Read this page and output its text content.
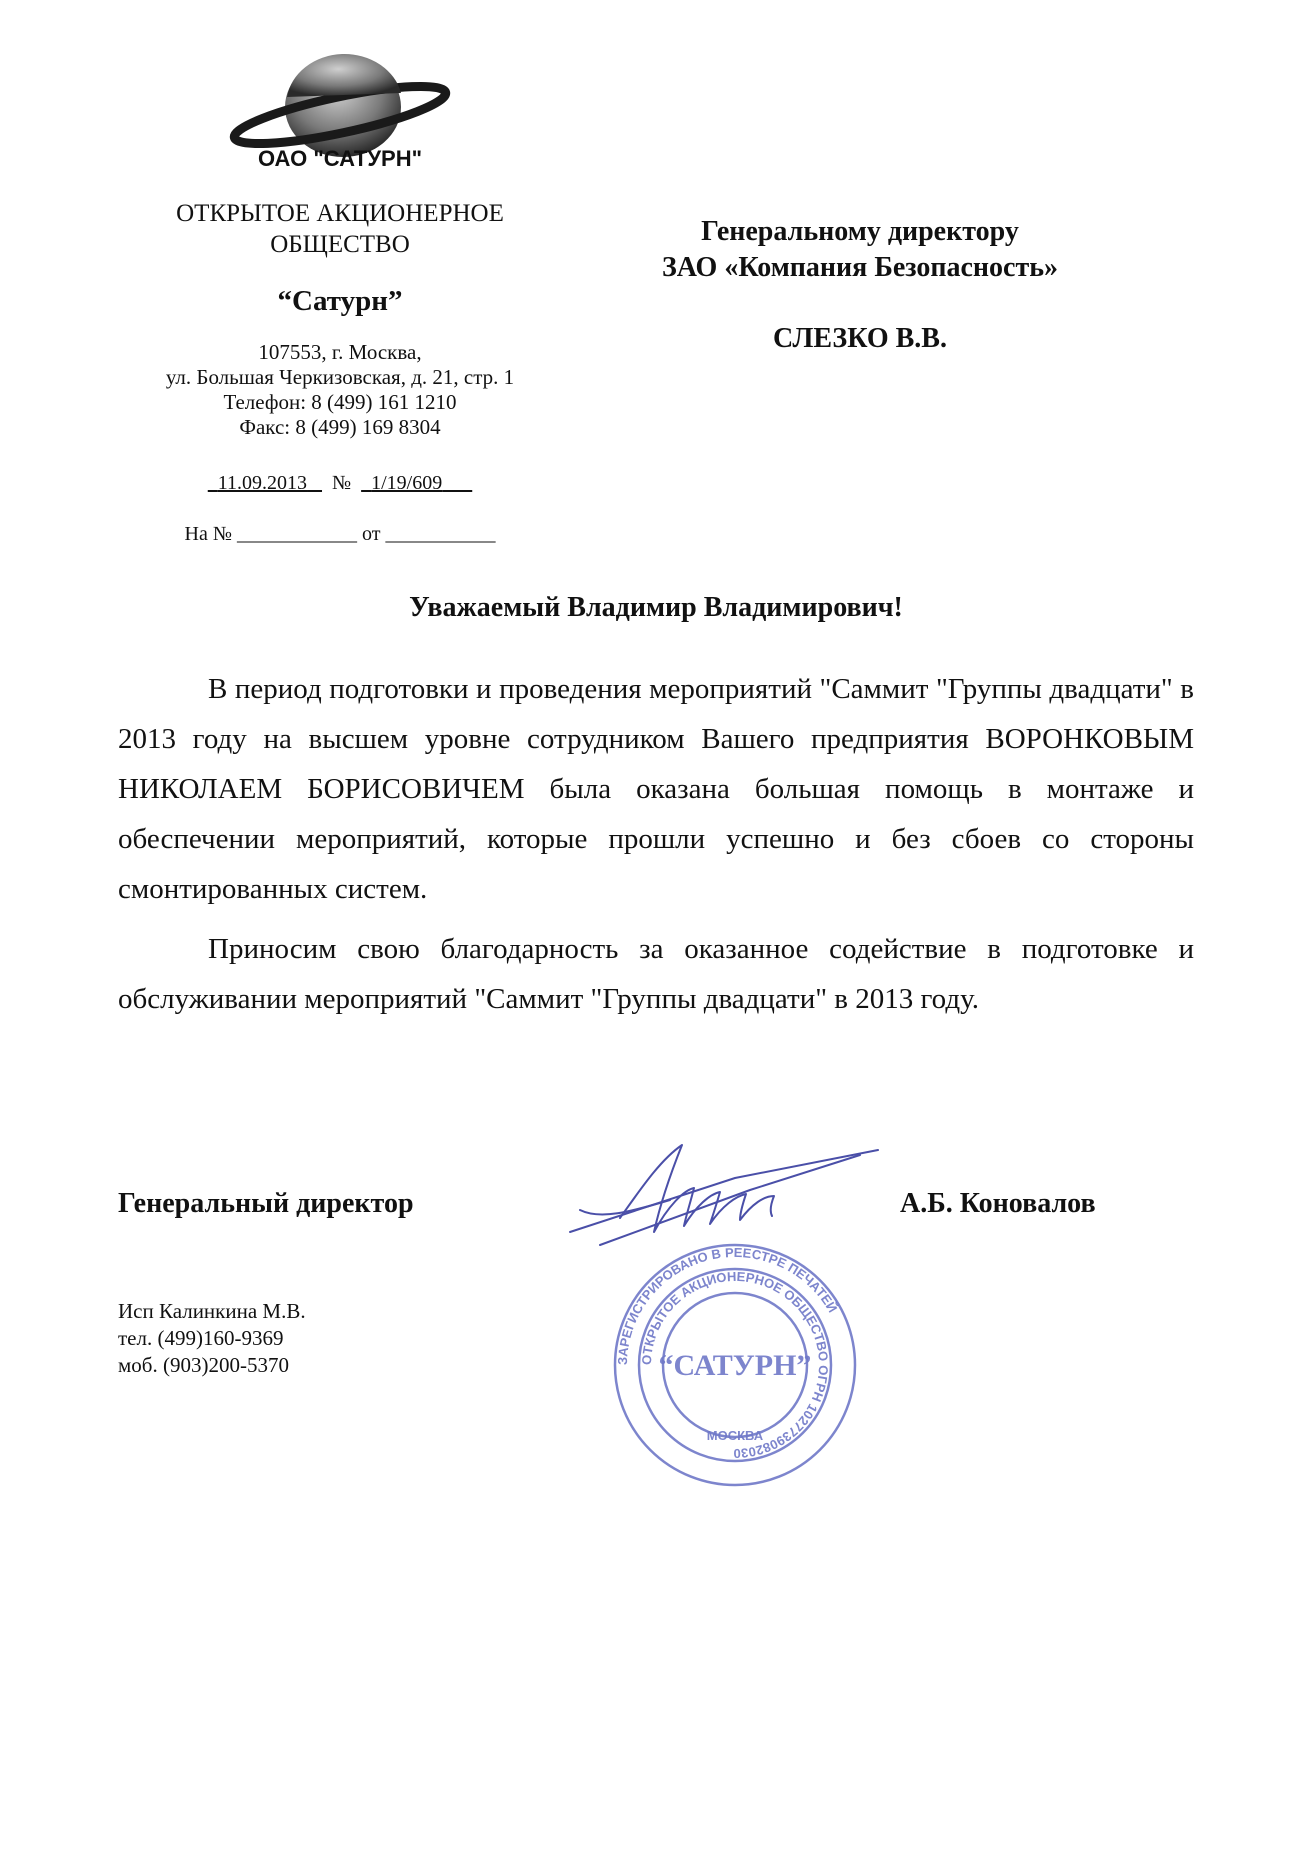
ОАО "САТУРН"
ОТКРЫТОЕ АКЦИОНЕРНОЕ ОБЩЕСТВО
“Сатурн”
107553, г. Москва,
ул. Большая Черкизовская, д. 21, стр. 1
Телефон: 8 (499) 161 1210
Факс: 8 (499) 169 8304
11.09.2013 № 1/19/609
На № ____________ от ___________
Генеральному директору
ЗАО «Компания Безопасность»
СЛЕЗКО В.В.
Уважаемый Владимир Владимирович!

В период подготовки и проведения мероприятий "Саммит "Группы двадцати" в 2013 году на высшем уровне сотрудником Вашего предприятия ВОРОНКОВЫМ НИКОЛАЕМ БОРИСОВИЧЕМ была оказана большая помощь в монтаже и обеспечении мероприятий, которые прошли успешно и без сбоев со стороны смонтированных систем.

Приносим свою благодарность за оказанное содействие в подготовке и обслуживании мероприятий "Саммит "Группы двадцати" в 2013 году.

Генеральный директор
ЗАРЕГИСТРИРОВАНО В РЕЕСТРЕ ПЕЧАТЕЙ
ОТКРЫТОЕ АКЦИОНЕРНОЕ ОБЩЕСТВО ОГРН 1027739082030
“САТУРН”
МОСКВА
А.Б. Коновалов
Исп Калинкина М.В.
тел. (499)160-9369
моб. (903)200-5370
